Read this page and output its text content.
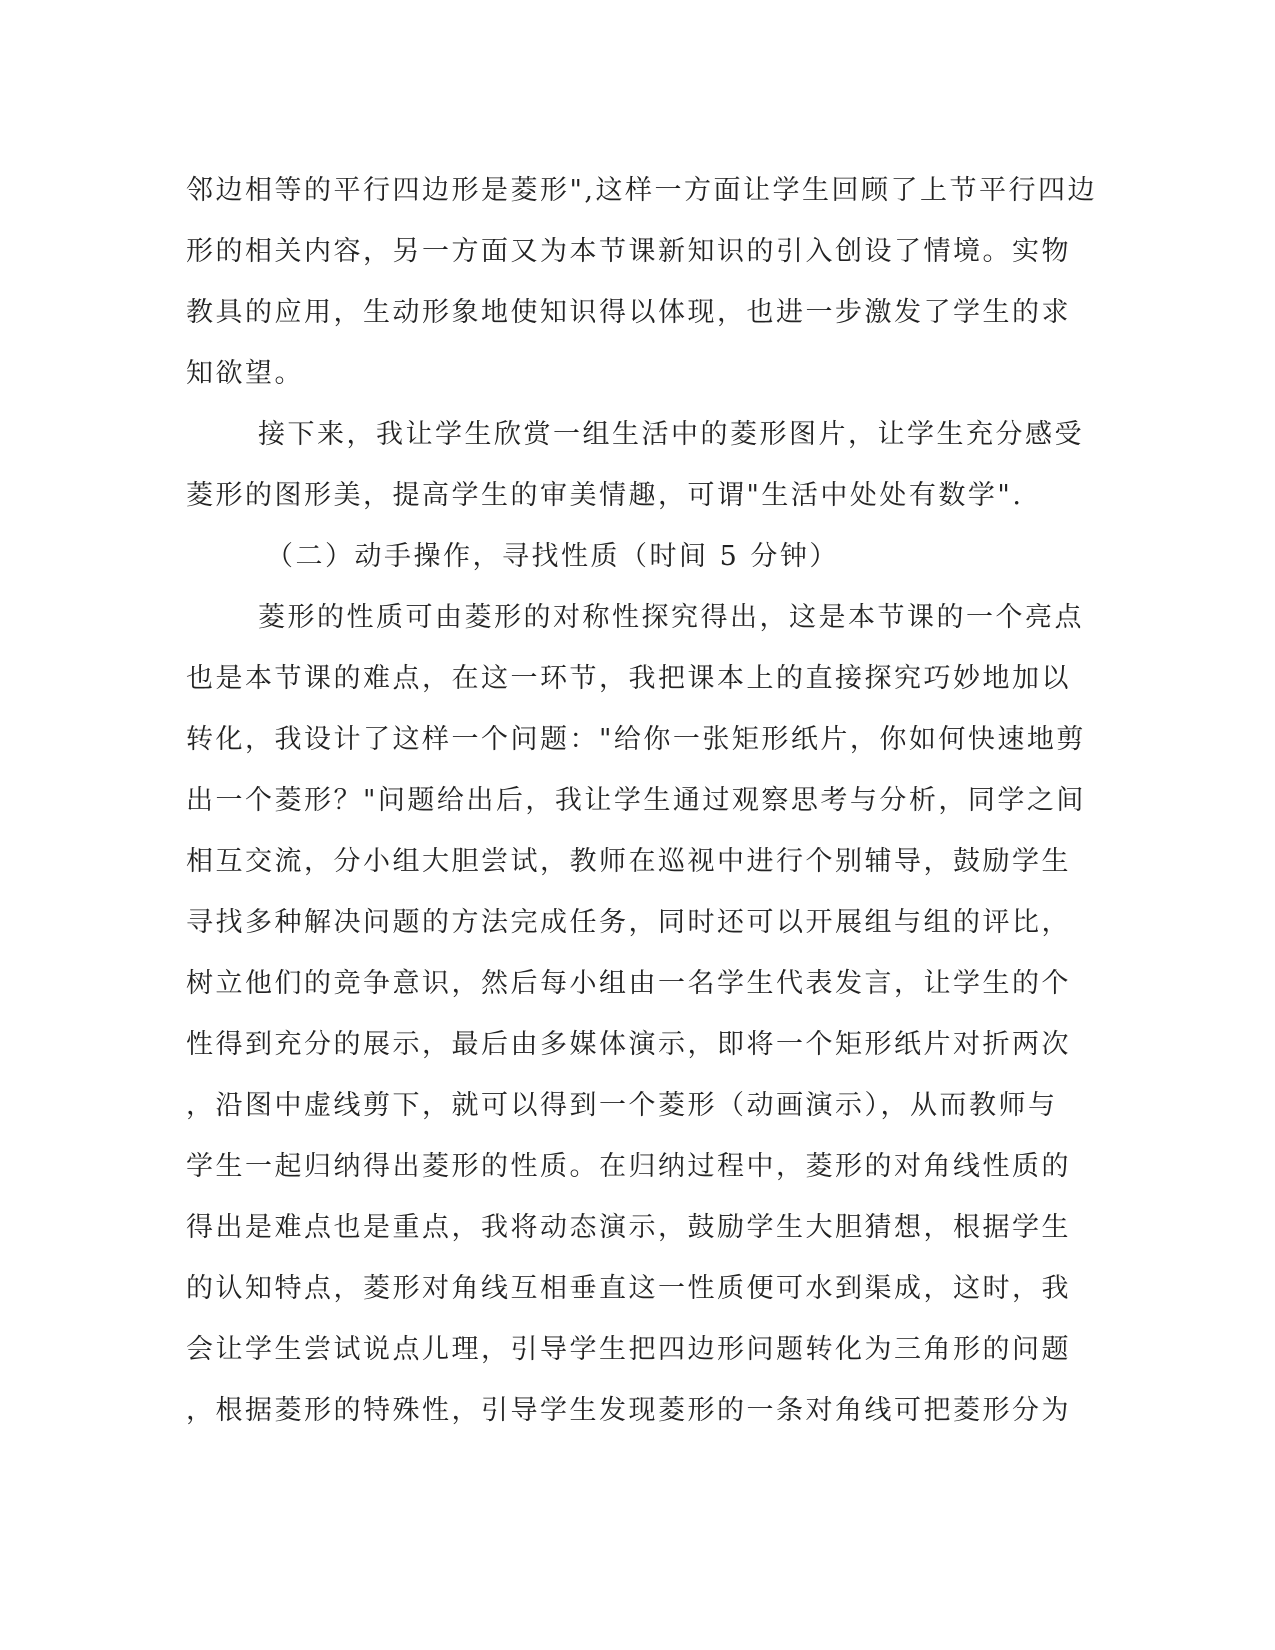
邻边相等的平行四边形是菱形",这样一方面让学生回顾了上节平行四边
形的相关内容，另一方面又为本节课新知识的引入创设了情境。实物
教具的应用，生动形象地使知识得以体现，也进一步激发了学生的求
知欲望。
接下来，我让学生欣赏一组生活中的菱形图片，让学生充分感受
菱形的图形美，提高学生的审美情趣，可谓"生活中处处有数学".
（二）动手操作，寻找性质（时间 5 分钟）
菱形的性质可由菱形的对称性探究得出，这是本节课的一个亮点
也是本节课的难点，在这一环节，我把课本上的直接探究巧妙地加以
转化，我设计了这样一个问题："给你一张矩形纸片，你如何快速地剪
出一个菱形？"问题给出后，我让学生通过观察思考与分析，同学之间
相互交流，分小组大胆尝试，教师在巡视中进行个别辅导，鼓励学生
寻找多种解决问题的方法完成任务，同时还可以开展组与组的评比，
树立他们的竞争意识，然后每小组由一名学生代表发言，让学生的个
性得到充分的展示，最后由多媒体演示，即将一个矩形纸片对折两次
，沿图中虚线剪下，就可以得到一个菱形（动画演示），从而教师与
学生一起归纳得出菱形的性质。在归纳过程中，菱形的对角线性质的
得出是难点也是重点，我将动态演示，鼓励学生大胆猜想，根据学生
的认知特点，菱形对角线互相垂直这一性质便可水到渠成，这时，我
会让学生尝试说点儿理，引导学生把四边形问题转化为三角形的问题
，根据菱形的特殊性，引导学生发现菱形的一条对角线可把菱形分为
